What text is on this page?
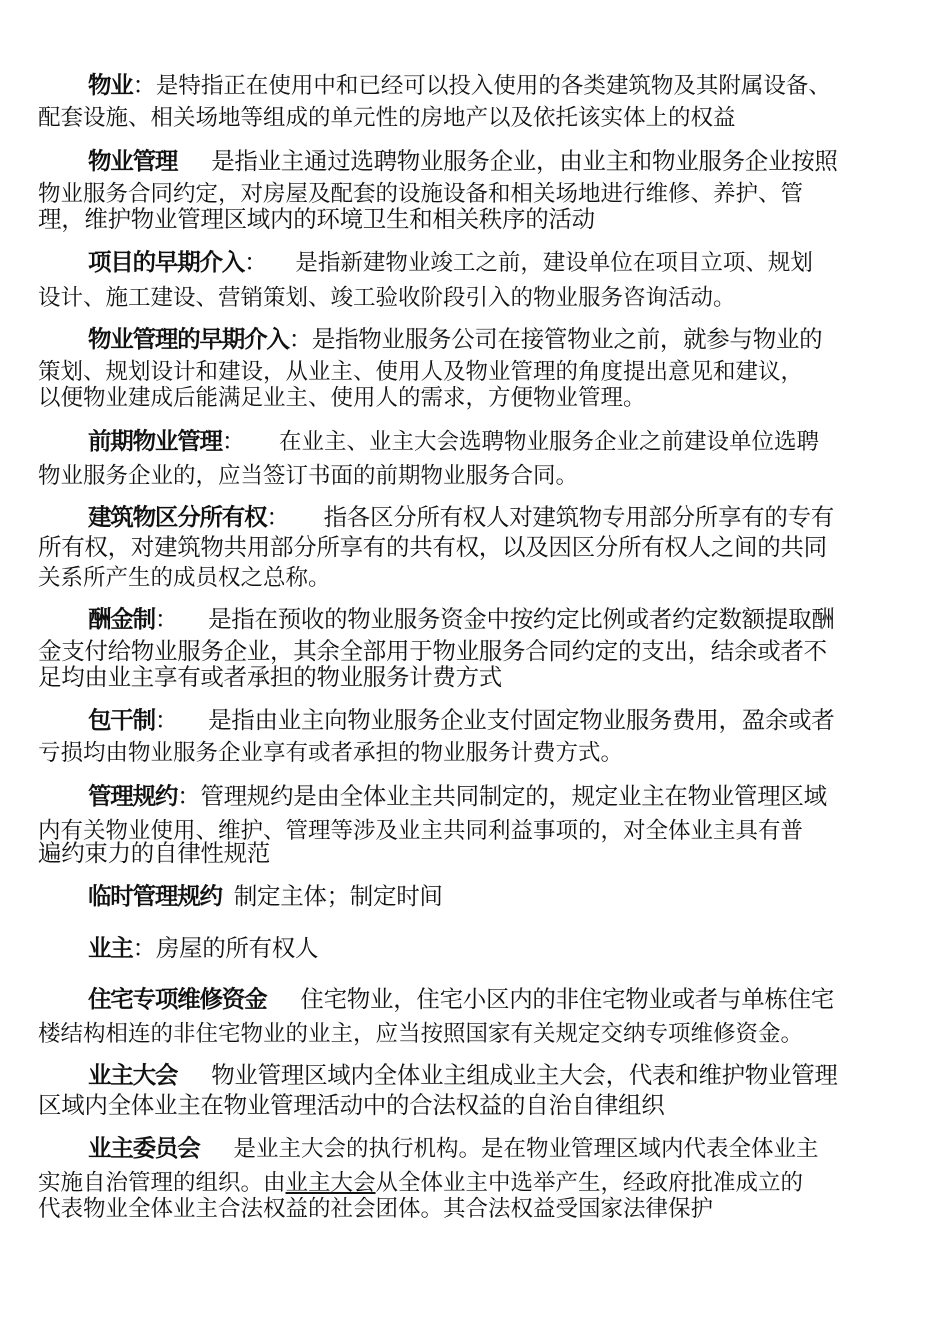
物业：是特指正在使用中和已经可以投入使用的各类建筑物及其附属设备、
配套设施、相关场地等组成的单元性的房地产以及依托该实体上的权益
物业管理 是指业主通过选聘物业服务企业，由业主和物业服务企业按照
物业服务合同约定，对房屋及配套的设施设备和相关场地进行维修、养护、管
理，维护物业管理区域内的环境卫生和相关秩序的活动
项目的早期介入： 是指新建物业竣工之前，建设单位在项目立项、规划
设计、施工建设、营销策划、竣工验收阶段引入的物业服务咨询活动。
物业管理的早期介入：是指物业服务公司在接管物业之前，就参与物业的
策划、规划设计和建设，从业主、使用人及物业管理的角度提出意见和建议，
以便物业建成后能满足业主、使用人的需求，方便物业管理。
前期物业管理： 在业主、业主大会选聘物业服务企业之前建设单位选聘
物业服务企业的，应当签订书面的前期物业服务合同。
建筑物区分所有权： 指各区分所有权人对建筑物专用部分所享有的专有
所有权，对建筑物共用部分所享有的共有权，以及因区分所有权人之间的共同
关系所产生的成员权之总称。
酬金制： 是指在预收的物业服务资金中按约定比例或者约定数额提取酬
金支付给物业服务企业，其余全部用于物业服务合同约定的支出，结余或者不
足均由业主享有或者承担的物业服务计费方式
包干制： 是指由业主向物业服务企业支付固定物业服务费用，盈余或者
亏损均由物业服务企业享有或者承担的物业服务计费方式。
管理规约：管理规约是由全体业主共同制定的，规定业主在物业管理区域
内有关物业使用、维护、管理等涉及业主共同利益事项的，对全体业主具有普
遍约束力的自律性规范
临时管理规约 制定主体；制定时间
业主：房屋的所有权人
住宅专项维修资金 住宅物业，住宅小区内的非住宅物业或者与单栋住宅
楼结构相连的非住宅物业的业主，应当按照国家有关规定交纳专项维修资金。
业主大会 物业管理区域内全体业主组成业主大会，代表和维护物业管理
区域内全体业主在物业管理活动中的合法权益的自治自律组织
业主委员会 是业主大会的执行机构。是在物业管理区域内代表全体业主
实施自治管理的组织。由业主大会从全体业主中选举产生，经政府批准成立的
代表物业全体业主合法权益的社会团体。其合法权益受国家法律保护
